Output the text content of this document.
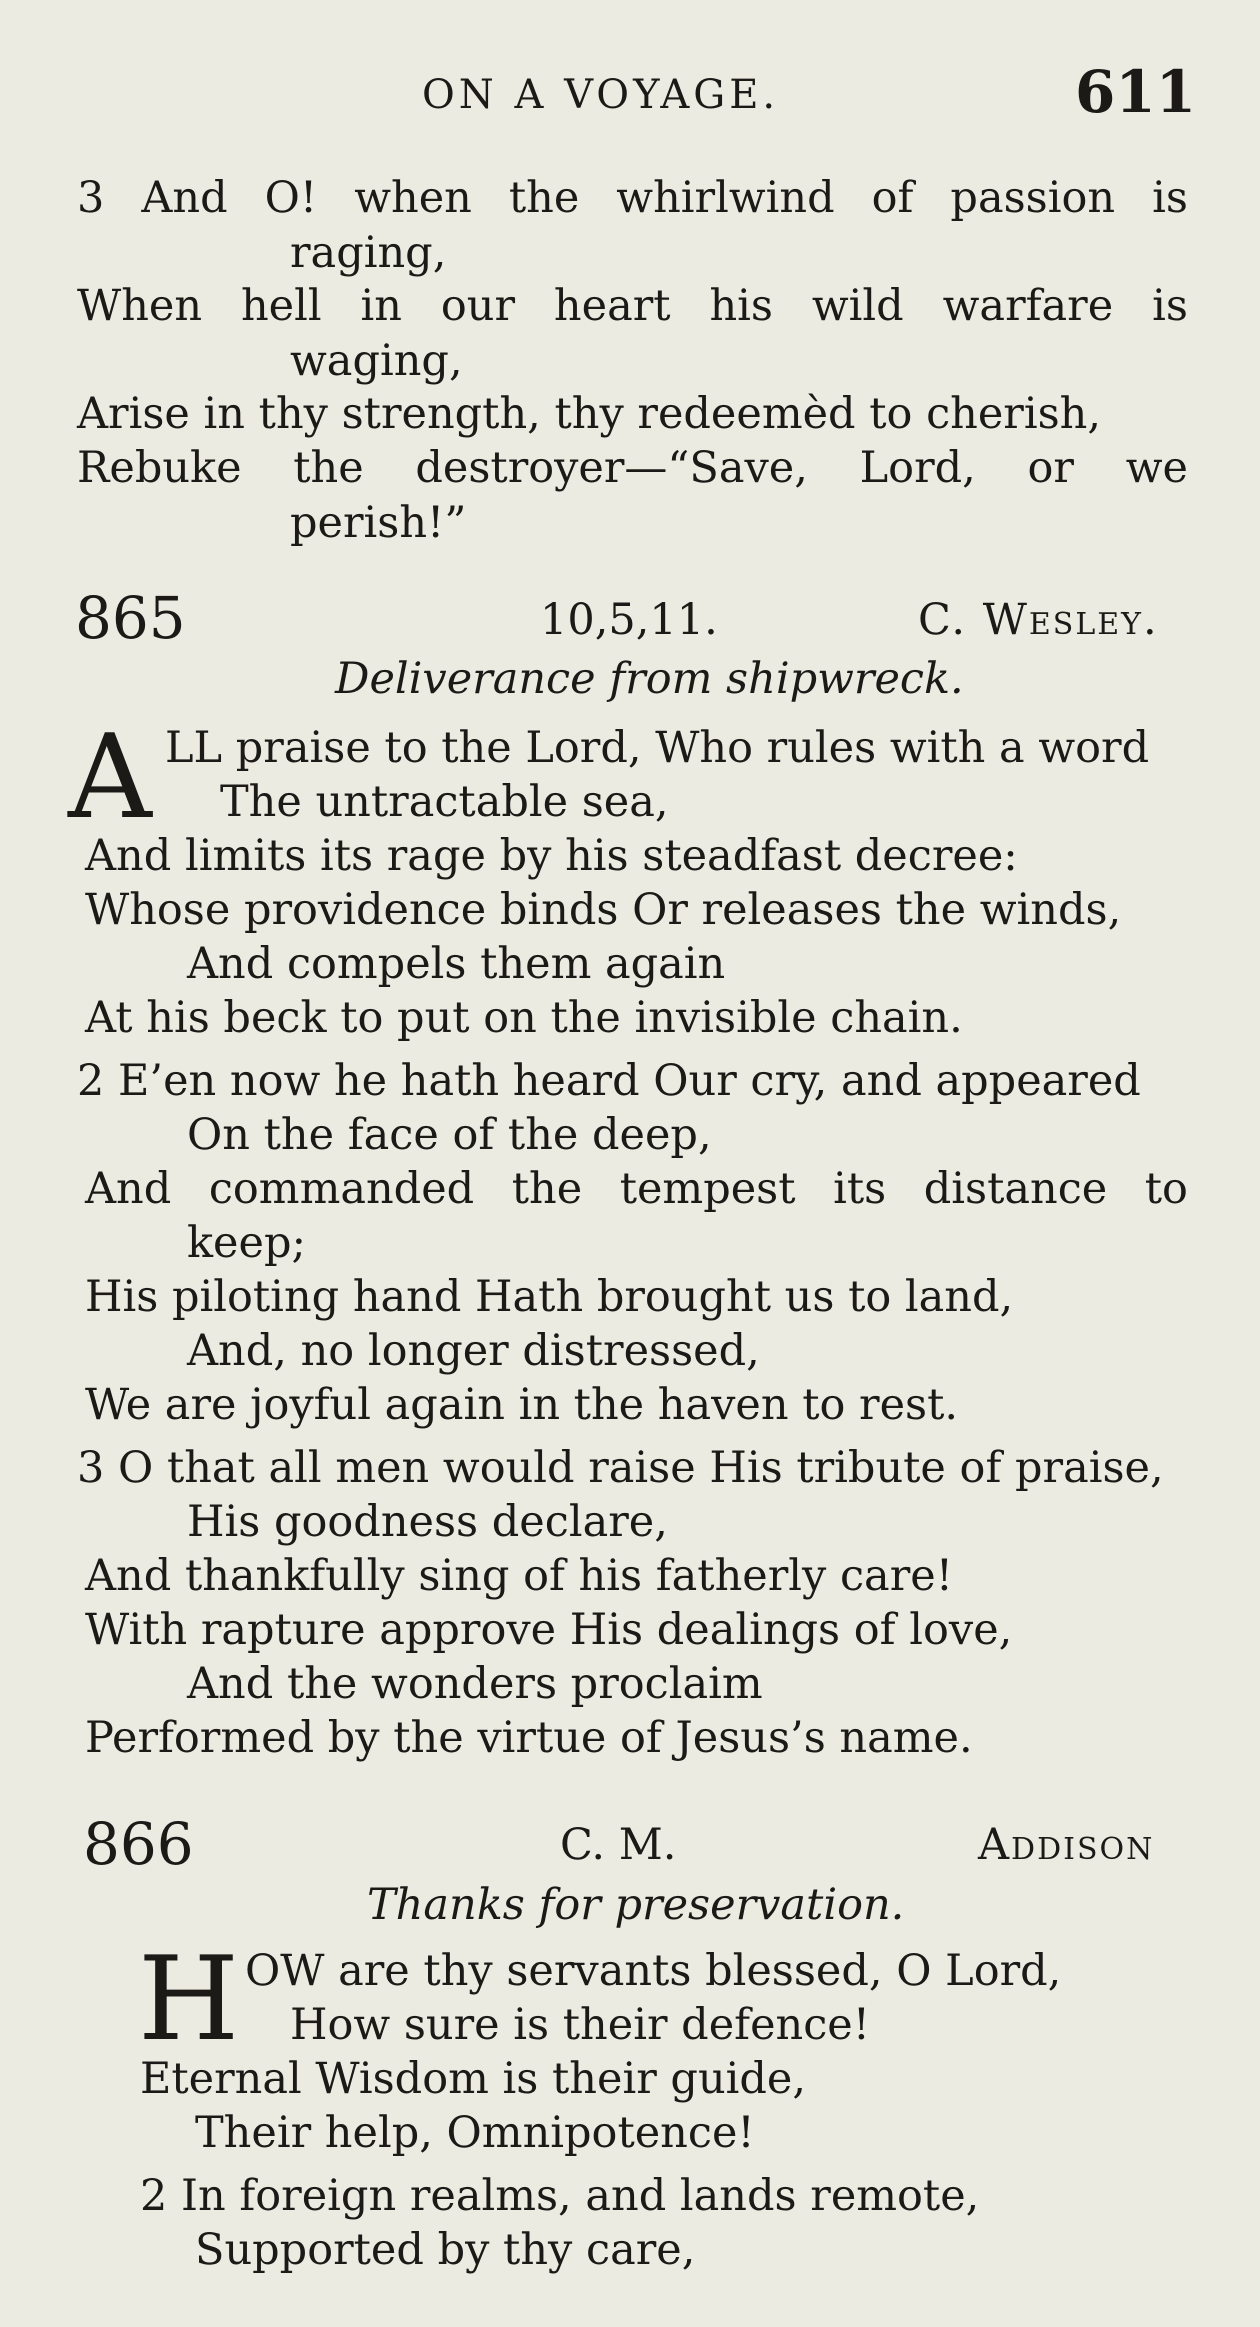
ON A VOYAGE.	611
3 And O! when the whirlwind of passion is
raging,
When hell in our heart his wild warfare is
waging,
Arise in thy strength, thy redeemèd to cherish,
Rebuke the destroyer—“Save, Lord, or we
perish!”
865	10,5,11.	C. Wesley.
Deliverance from shipwreck.
A LL praise to the Lord, Who rules with a word
The untractable sea,
And limits its rage by his steadfast decree:
Whose providence binds Or releases the winds,
And compels them again
At his beck to put on the invisible chain.
2 E’en now he hath heard Our cry, and appeared
On the face of the deep,
And commanded the tempest its distance to
keep;
His piloting hand Hath brought us to land,
And, no longer distressed,
We are joyful again in the haven to rest.
3 O that all men would raise His tribute of praise,
His goodness declare,
And thankfully sing of his fatherly care!
With rapture approve His dealings of love,
And the wonders proclaim
Performed by the virtue of Jesus’s name.
866	C. M.	Addison
Thanks for preservation.
H OW are thy servants blessed, O Lord,
How sure is their defence!
Eternal Wisdom is their guide,
Their help, Omnipotence!
2 In foreign realms, and lands remote,
Supported by thy care,
